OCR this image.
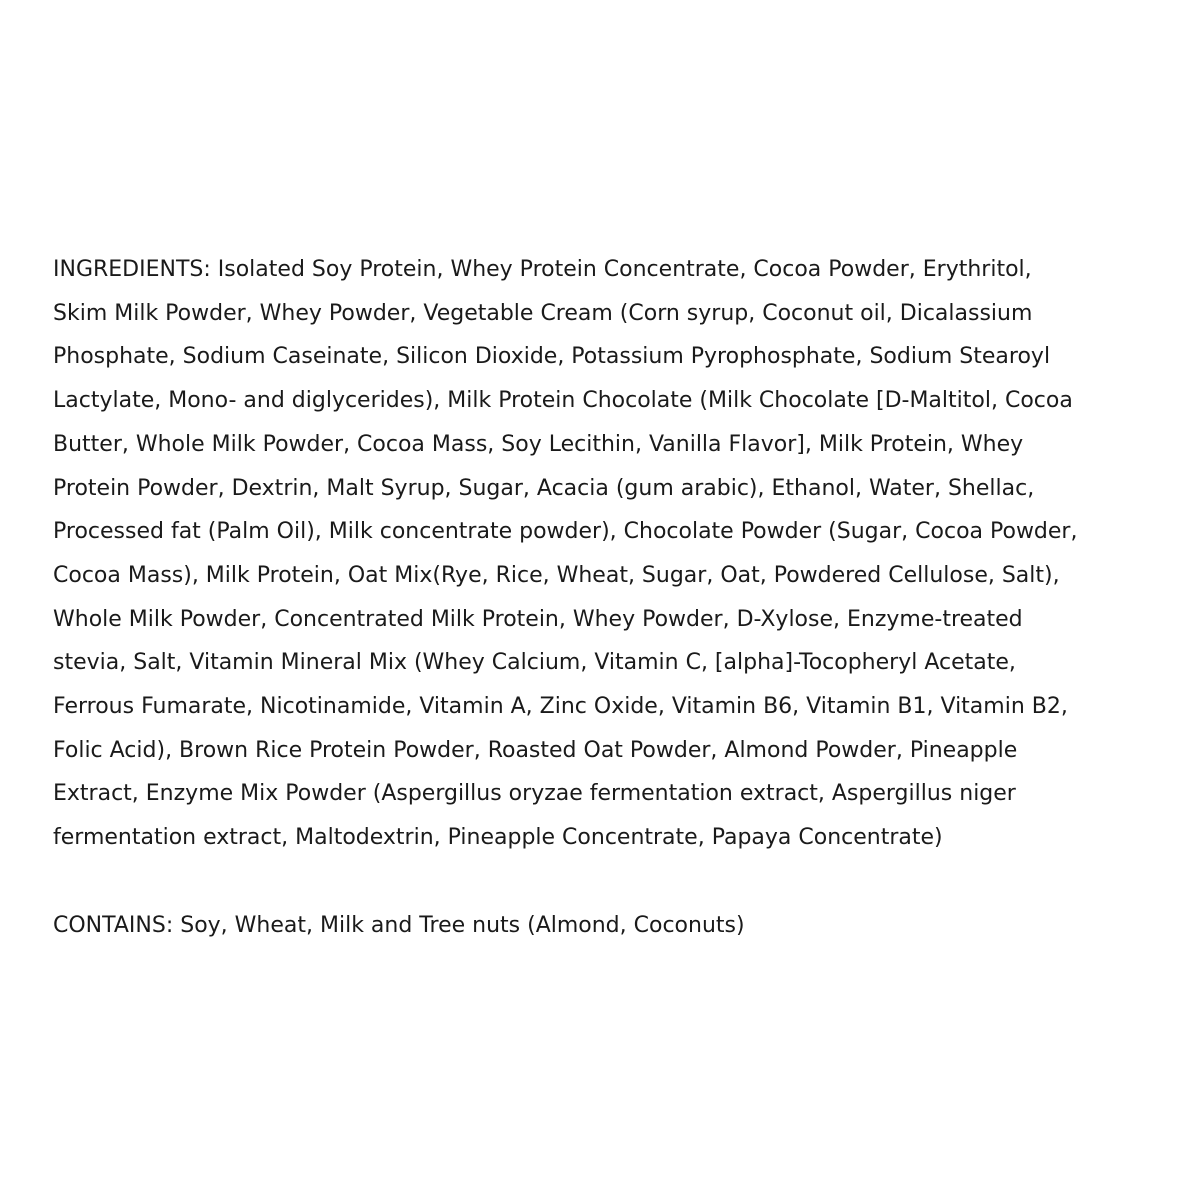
INGREDIENTS: Isolated Soy Protein, Whey Protein Concentrate, Cocoa Powder, Erythritol,
Skim Milk Powder, Whey Powder, Vegetable Cream (Corn syrup, Coconut oil, Dicalassium
Phosphate, Sodium Caseinate, Silicon Dioxide, Potassium Pyrophosphate, Sodium Stearoyl
Lactylate, Mono- and diglycerides), Milk Protein Chocolate (Milk Chocolate [D-Maltitol, Cocoa
Butter, Whole Milk Powder, Cocoa Mass, Soy Lecithin, Vanilla Flavor], Milk Protein, Whey
Protein Powder, Dextrin, Malt Syrup, Sugar, Acacia (gum arabic), Ethanol, Water, Shellac,
Processed fat (Palm Oil), Milk concentrate powder), Chocolate Powder (Sugar, Cocoa Powder,
Cocoa Mass), Milk Protein, Oat Mix(Rye, Rice, Wheat, Sugar, Oat, Powdered Cellulose, Salt),
Whole Milk Powder, Concentrated Milk Protein, Whey Powder, D-Xylose, Enzyme-treated
stevia, Salt, Vitamin Mineral Mix (Whey Calcium, Vitamin C, [alpha]-Tocopheryl Acetate,
Ferrous Fumarate, Nicotinamide, Vitamin A, Zinc Oxide, Vitamin B6, Vitamin B1, Vitamin B2,
Folic Acid), Brown Rice Protein Powder, Roasted Oat Powder, Almond Powder, Pineapple
Extract, Enzyme Mix Powder (Aspergillus oryzae fermentation extract, Aspergillus niger
fermentation extract, Maltodextrin, Pineapple Concentrate, Papaya Concentrate)
CONTAINS: Soy, Wheat, Milk and Tree nuts (Almond, Coconuts)
